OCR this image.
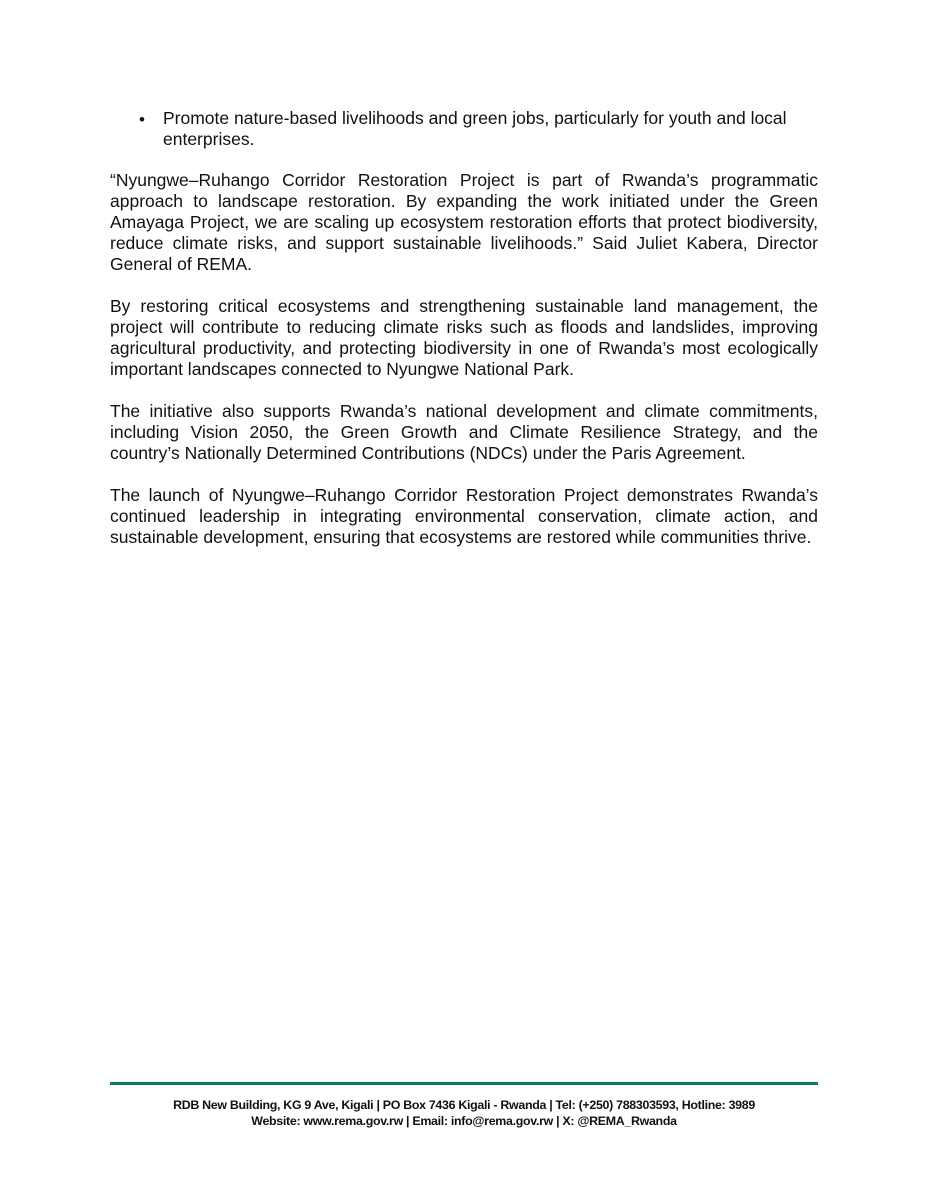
• Promote nature-based livelihoods and green jobs, particularly for youth and local enterprises.

“Nyungwe–Ruhango Corridor Restoration Project is part of Rwanda’s programmatic approach to landscape restoration. By expanding the work initiated under the Green Amayaga Project, we are scaling up ecosystem restoration efforts that protect biodiversity, reduce climate risks, and support sustainable livelihoods.” Said Juliet Kabera, Director General of REMA.

By restoring critical ecosystems and strengthening sustainable land management, the project will contribute to reducing climate risks such as floods and landslides, improving agricultural productivity, and protecting biodiversity in one of Rwanda’s most ecologically important landscapes connected to Nyungwe National Park.

The initiative also supports Rwanda’s national development and climate commitments, including Vision 2050, the Green Growth and Climate Resilience Strategy, and the country’s Nationally Determined Contributions (NDCs) under the Paris Agreement.

The launch of Nyungwe–Ruhango Corridor Restoration Project demonstrates Rwanda’s continued leadership in integrating environmental conservation, climate action, and sustainable development, ensuring that ecosystems are restored while communities thrive.

RDB New Building, KG 9 Ave, Kigali | PO Box 7436 Kigali - Rwanda | Tel: (+250) 788303593, Hotline: 3989
Website: www.rema.gov.rw | Email: info@rema.gov.rw | X: @REMA_Rwanda
